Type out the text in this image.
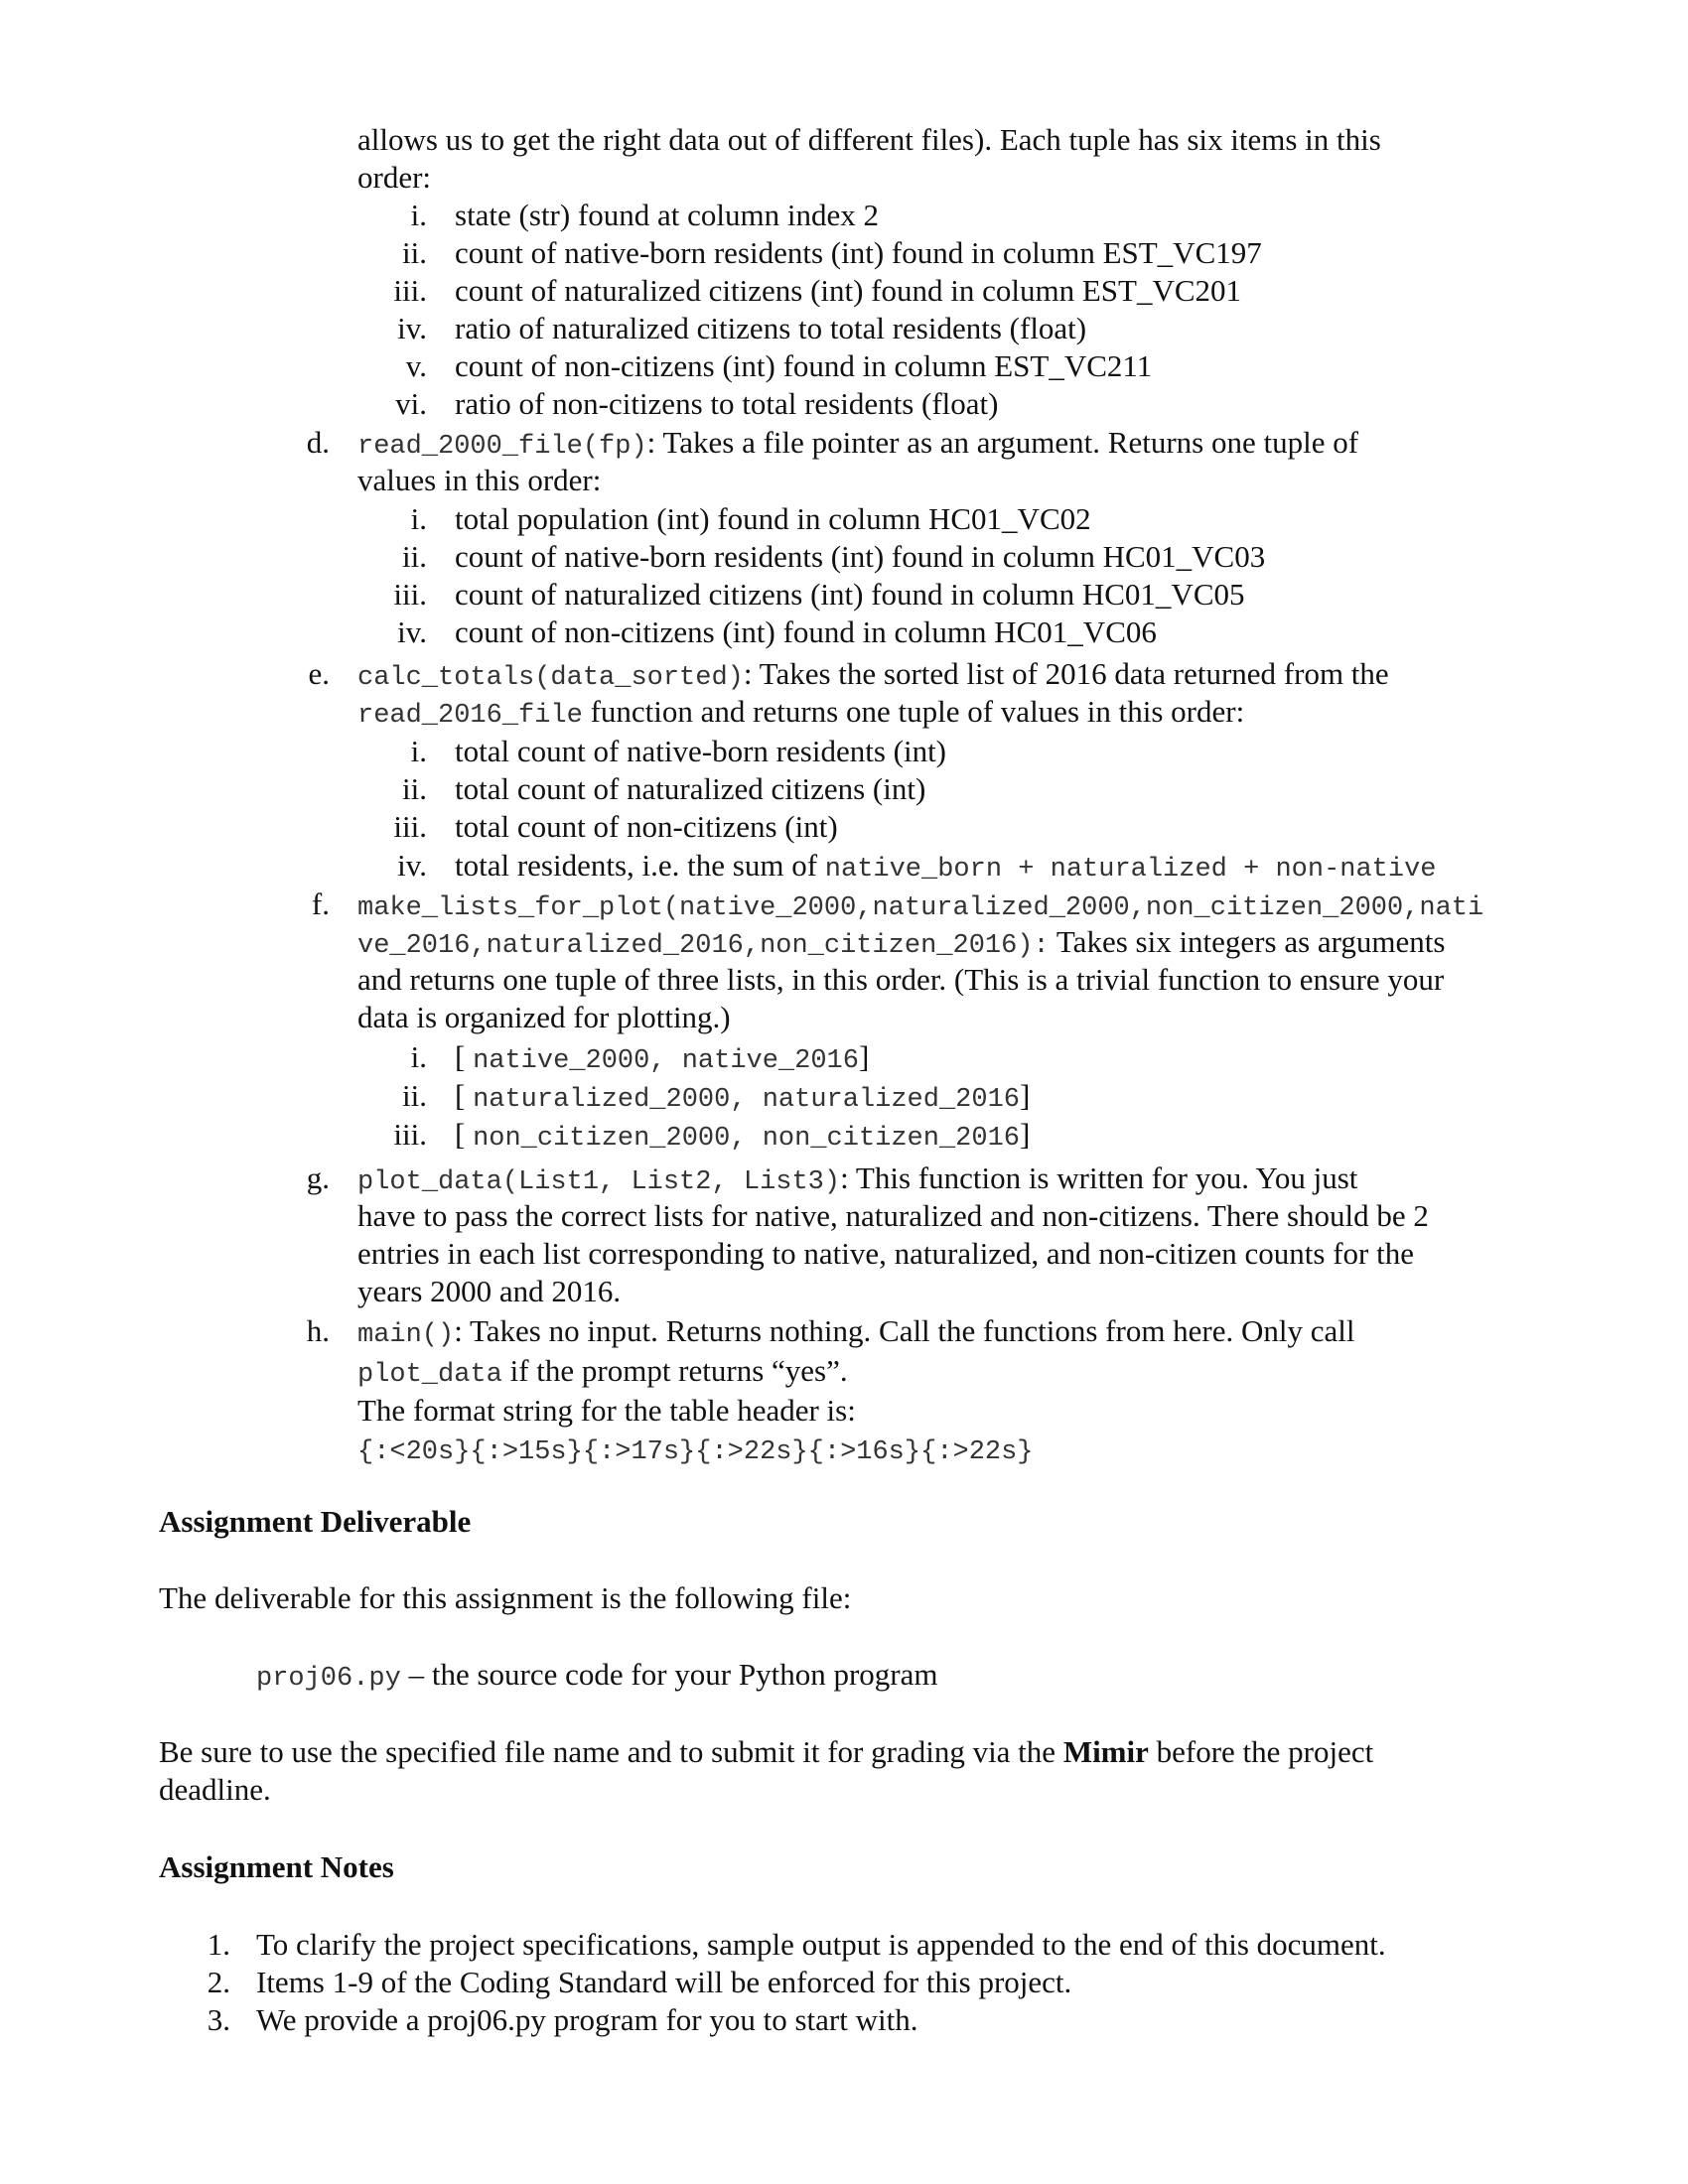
allows us to get the right data out of different files). Each tuple has six items in this
order:
i. state (str) found at column index 2
ii. count of native-born residents (int) found in column EST_VC197
iii. count of naturalized citizens (int) found in column EST_VC201
iv. ratio of naturalized citizens to total residents (float)
v. count of non-citizens (int) found in column EST_VC211
vi. ratio of non-citizens to total residents (float)
d. read_2000_file(fp): Takes a file pointer as an argument. Returns one tuple of
values in this order:
i. total population (int) found in column HC01_VC02
ii. count of native-born residents (int) found in column HC01_VC03
iii. count of naturalized citizens (int) found in column HC01_VC05
iv. count of non-citizens (int) found in column HC01_VC06
e. calc_totals(data_sorted): Takes the sorted list of 2016 data returned from the
read_2016_file function and returns one tuple of values in this order:
i. total count of native-born residents (int)
ii. total count of naturalized citizens (int)
iii. total count of non-citizens (int)
iv. total residents, i.e. the sum of native_born + naturalized + non-native
f. make_lists_for_plot(native_2000,naturalized_2000,non_citizen_2000,nati
ve_2016,naturalized_2016,non_citizen_2016): Takes six integers as arguments
and returns one tuple of three lists, in this order. (This is a trivial function to ensure your
data is organized for plotting.)
i. [ native_2000, native_2016]
ii. [ naturalized_2000, naturalized_2016]
iii. [ non_citizen_2000, non_citizen_2016]
g. plot_data(List1, List2, List3): This function is written for you. You just
have to pass the correct lists for native, naturalized and non-citizens. There should be 2
entries in each list corresponding to native, naturalized, and non-citizen counts for the
years 2000 and 2016.
h. main(): Takes no input. Returns nothing. Call the functions from here. Only call
plot_data if the prompt returns “yes”.
The format string for the table header is:
{:<20s}{:>15s}{:>17s}{:>22s}{:>16s}{:>22s}
Assignment Deliverable
The deliverable for this assignment is the following file:
proj06.py – the source code for your Python program
Be sure to use the specified file name and to submit it for grading via the Mimir before the project
deadline.
Assignment Notes
1. To clarify the project specifications, sample output is appended to the end of this document.
2. Items 1-9 of the Coding Standard will be enforced for this project.
3. We provide a proj06.py program for you to start with.
